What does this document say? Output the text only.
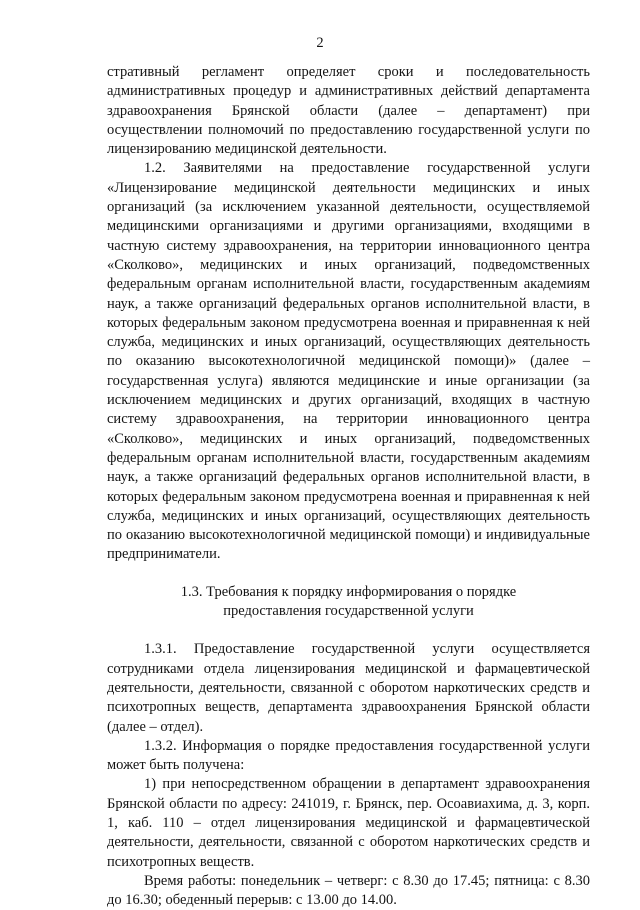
2

стративный регламент определяет сроки и последовательность административных процедур и административных действий департамента здравоохранения Брянской области (далее – департамент) при осуществлении полномочий по предоставлению государственной услуги по лицензированию медицинской деятельности.

1.2. Заявителями на предоставление государственной услуги «Лицензирование медицинской деятельности медицинских и иных организаций (за исключением указанной деятельности, осуществляемой медицинскими организациями и другими организациями, входящими в частную систему здравоохранения, на территории инновационного центра «Сколково», медицинских и иных организаций, подведомственных федеральным органам исполнительной власти, государственным академиям наук, а также организаций федеральных органов исполнительной власти, в которых федеральным законом предусмотрена военная и приравненная к ней служба, медицинских и иных организаций, осуществляющих деятельность по оказанию высокотехнологичной медицинской помощи)» (далее – государственная услуга) являются медицинские и иные организации (за исключением медицинских и других организаций, входящих в частную систему здравоохранения, на территории инновационного центра «Сколково», медицинских и иных организаций, подведомственных федеральным органам исполнительной власти, государственным академиям наук, а также организаций федеральных органов исполнительной власти, в которых федеральным законом предусмотрена военная и приравненная к ней служба, медицинских и иных организаций, осуществляющих деятельность по оказанию высокотехнологичной медицинской помощи) и индивидуальные предприниматели.

1.3. Требования к порядку информирования о порядке

предоставления государственной услуги

1.3.1. Предоставление государственной услуги осуществляется сотрудниками отдела лицензирования медицинской и фармацевтической деятельности, деятельности, связанной с оборотом наркотических средств и психотропных веществ, департамента здравоохранения Брянской области (далее – отдел).

1.3.2. Информация о порядке предоставления государственной услуги может быть получена:

1) при непосредственном обращении в департамент здравоохранения Брянской области по адресу: 241019, г. Брянск, пер. Осоавиахима, д. 3, корп. 1, каб. 110 – отдел лицензирования медицинской и фармацевтической деятельности, деятельности, связанной с оборотом наркотических средств и психотропных веществ.

Время работы: понедельник – четверг: с 8.30 до 17.45; пятница: с 8.30 до 16.30; обеденный перерыв: с 13.00 до 14.00.
